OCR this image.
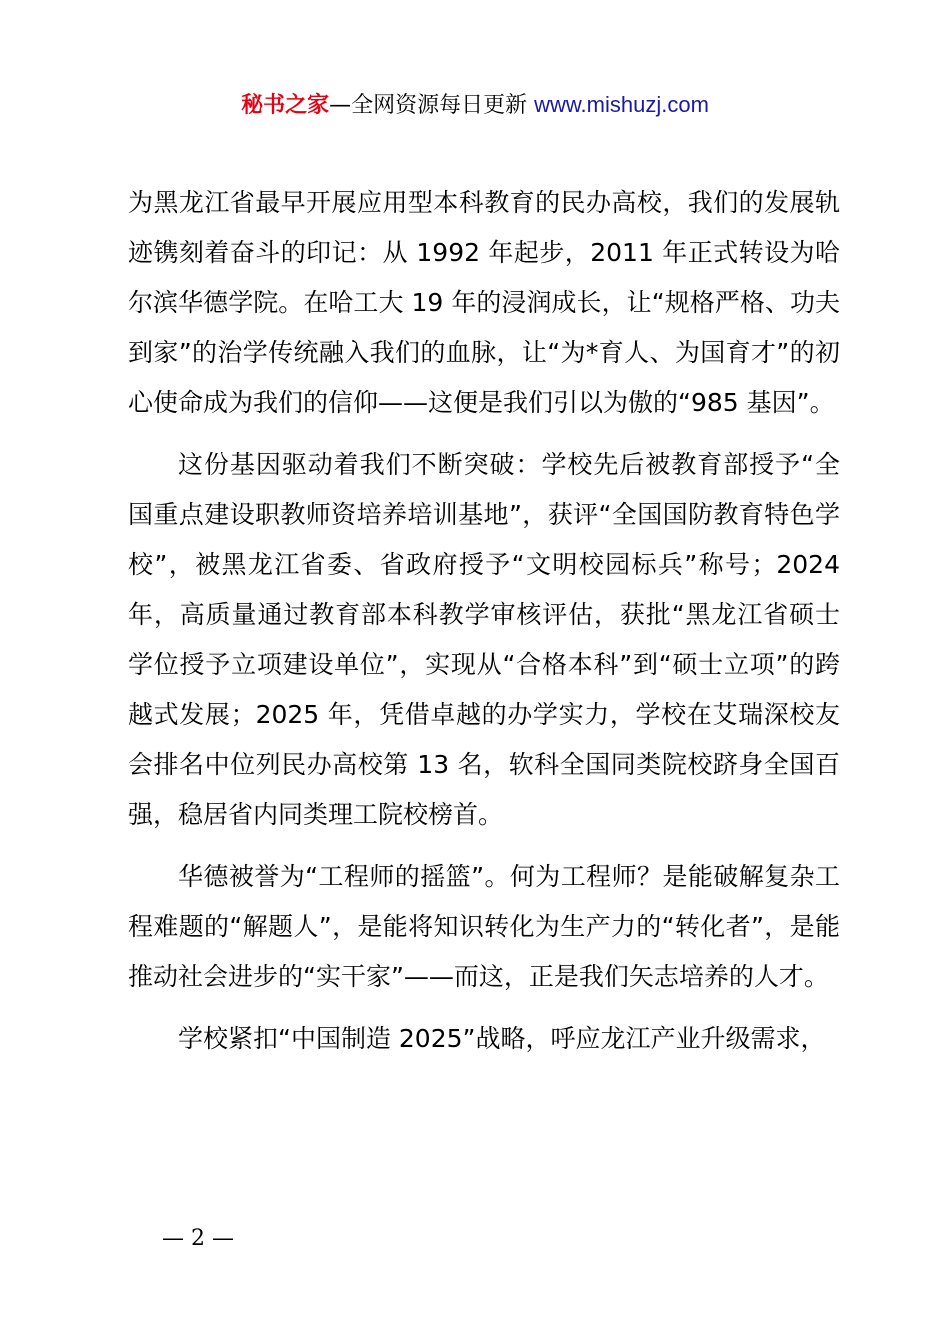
秘书之家—全网资源每日更新 www.mishuzj.com

为黑龙江省最早开展应用型本科教育的民办高校，我们的发展轨迹镌刻着奋斗的印记：从 1992 年起步，2011 年正式转设为哈尔滨华德学院。在哈工大 19 年的浸润成长，让“规格严格、功夫到家”的治学传统融入我们的血脉，让“为*育人、为国育才”的初心使命成为我们的信仰——这便是我们引以为傲的“985 基因”。

这份基因驱动着我们不断突破：学校先后被教育部授予“全国重点建设职教师资培养培训基地”，获评“全国国防教育特色学校”，被黑龙江省委、省政府授予“文明校园标兵”称号；2024 年，高质量通过教育部本科教学审核评估，获批“黑龙江省硕士学位授予立项建设单位”，实现从“合格本科”到“硕士立项”的跨越式发展；2025 年，凭借卓越的办学实力，学校在艾瑞深校友会排名中位列民办高校第 13 名，软科全国同类院校跻身全国百强，稳居省内同类理工院校榜首。

华德被誉为“工程师的摇篮”。何为工程师？是能破解复杂工程难题的“解题人”，是能将知识转化为生产力的“转化者”，是能推动社会进步的“实干家”——而这，正是我们矢志培养的人才。

学校紧扣“中国制造 2025”战略，呼应龙江产业升级需求，

— 2 —
